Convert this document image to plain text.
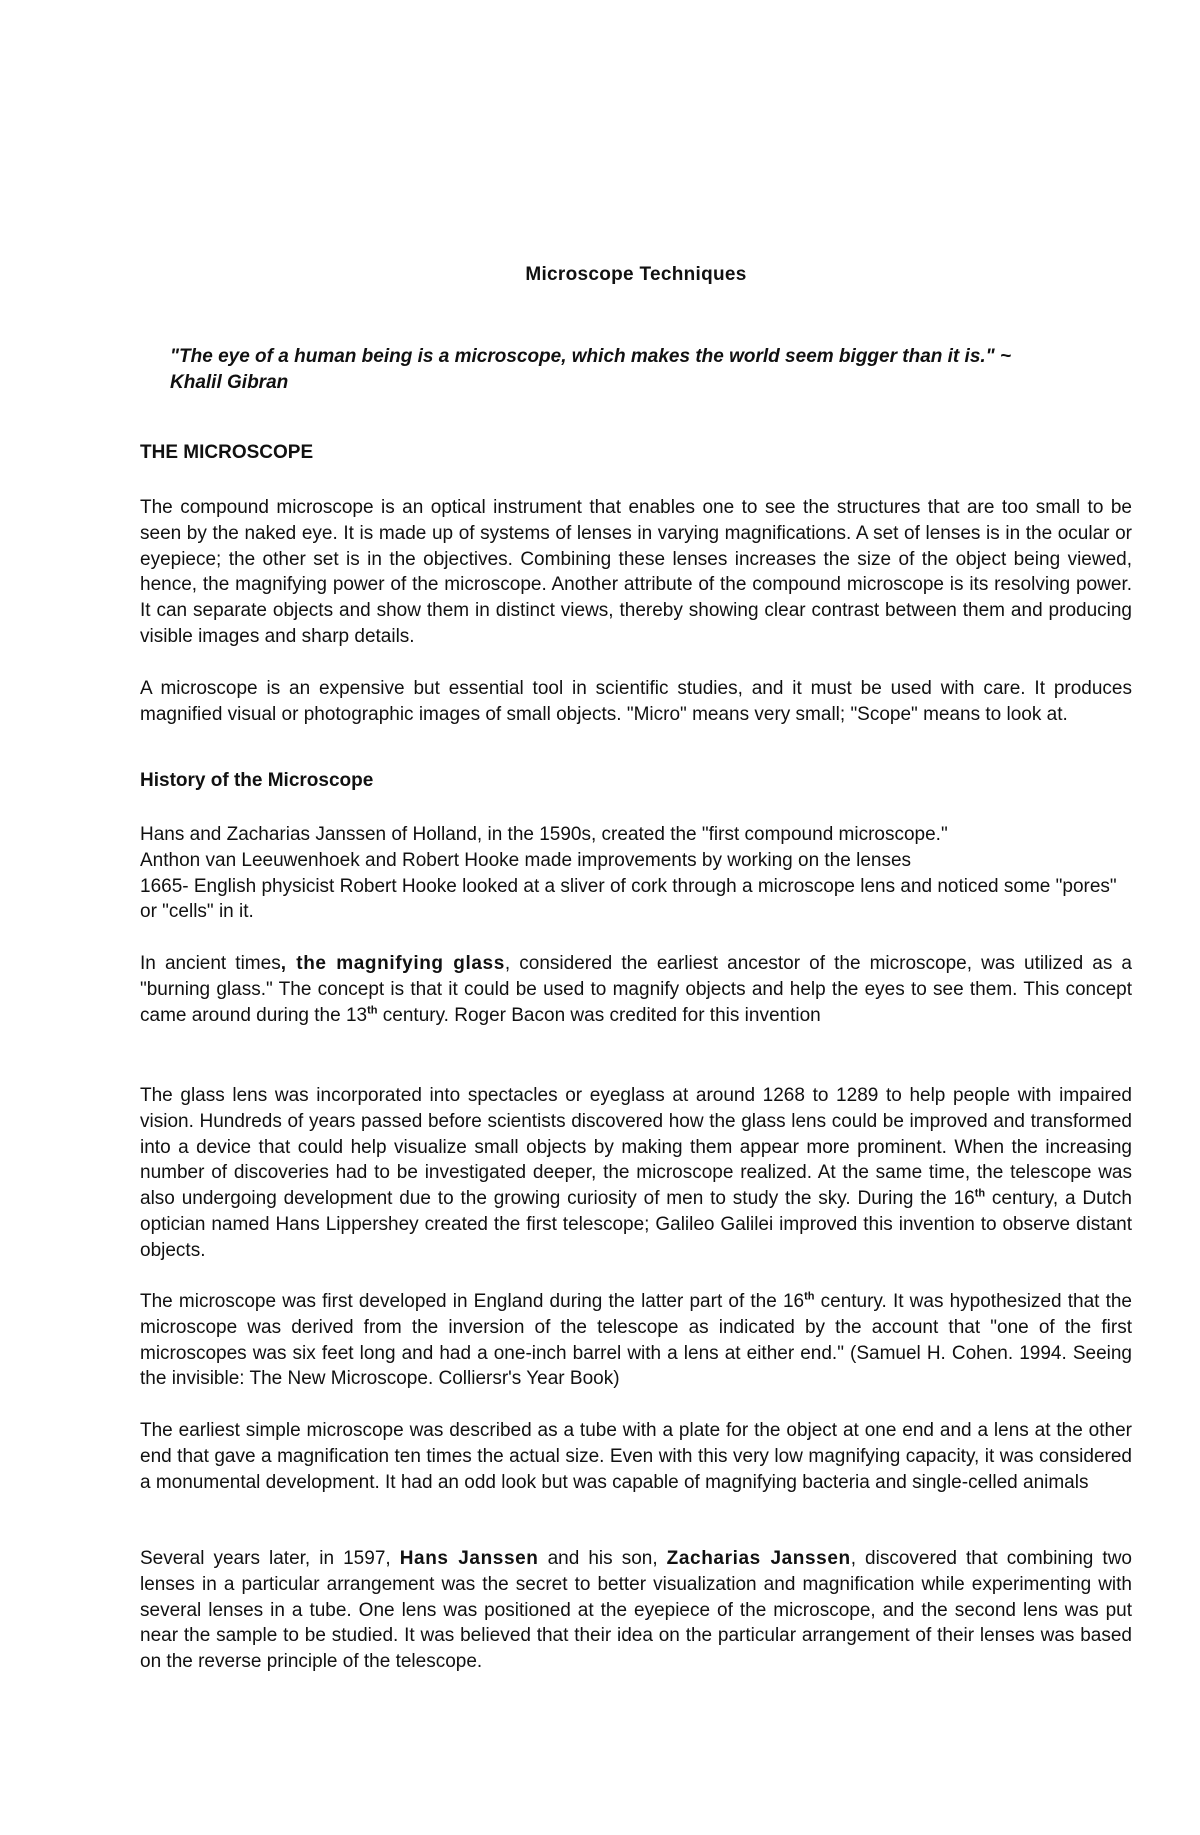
Microscope Techniques

"The eye of a human being is a microscope, which makes the world seem bigger than it is." ~
Khalil Gibran

THE MICROSCOPE

The compound microscope is an optical instrument that enables one to see the structures that are too small to be seen by the naked eye. It is made up of systems of lenses in varying magnifications. A set of lenses is in the ocular or eyepiece; the other set is in the objectives. Combining these lenses increases the size of the object being viewed, hence, the magnifying power of the microscope. Another attribute of the compound microscope is its resolving power. It can separate objects and show them in distinct views, thereby showing clear contrast between them and producing visible images and sharp details.

A microscope is an expensive but essential tool in scientific studies, and it must be used with care. It produces magnified visual or photographic images of small objects. "Micro" means very small; "Scope" means to look at.

History of the Microscope
Hans and Zacharias Janssen of Holland, in the 1590s, created the "first compound microscope."
Anthon van Leeuwenhoek and Robert Hooke made improvements by working on the lenses
1665- English physicist Robert Hooke looked at a sliver of cork through a microscope lens and noticed some "pores" or "cells" in it.

In ancient times, the magnifying glass, considered the earliest ancestor of the microscope, was utilized as a "burning glass." The concept is that it could be used to magnify objects and help the eyes to see them. This concept came around during the 13th century. Roger Bacon was credited for this invention

The glass lens was incorporated into spectacles or eyeglass at around 1268 to 1289 to help people with impaired vision. Hundreds of years passed before scientists discovered how the glass lens could be improved and transformed into a device that could help visualize small objects by making them appear more prominent. When the increasing number of discoveries had to be investigated deeper, the microscope realized. At the same time, the telescope was also undergoing development due to the growing curiosity of men to study the sky. During the 16th century, a Dutch optician named Hans Lippershey created the first telescope; Galileo Galilei improved this invention to observe distant objects.

The microscope was first developed in England during the latter part of the 16th century. It was hypothesized that the microscope was derived from the inversion of the telescope as indicated by the account that "one of the first microscopes was six feet long and had a one-inch barrel with a lens at either end." (Samuel H. Cohen. 1994. Seeing the invisible: The New Microscope. Colliersr's Year Book)

The earliest simple microscope was described as a tube with a plate for the object at one end and a lens at the other end that gave a magnification ten times the actual size. Even with this very low magnifying capacity, it was considered a monumental development. It had an odd look but was capable of magnifying bacteria and single-celled animals

Several years later, in 1597, Hans Janssen and his son, Zacharias Janssen, discovered that combining two lenses in a particular arrangement was the secret to better visualization and magnification while experimenting with several lenses in a tube. One lens was positioned at the eyepiece of the microscope, and the second lens was put near the sample to be studied. It was believed that their idea on the particular arrangement of their lenses was based on the reverse principle of the telescope.
